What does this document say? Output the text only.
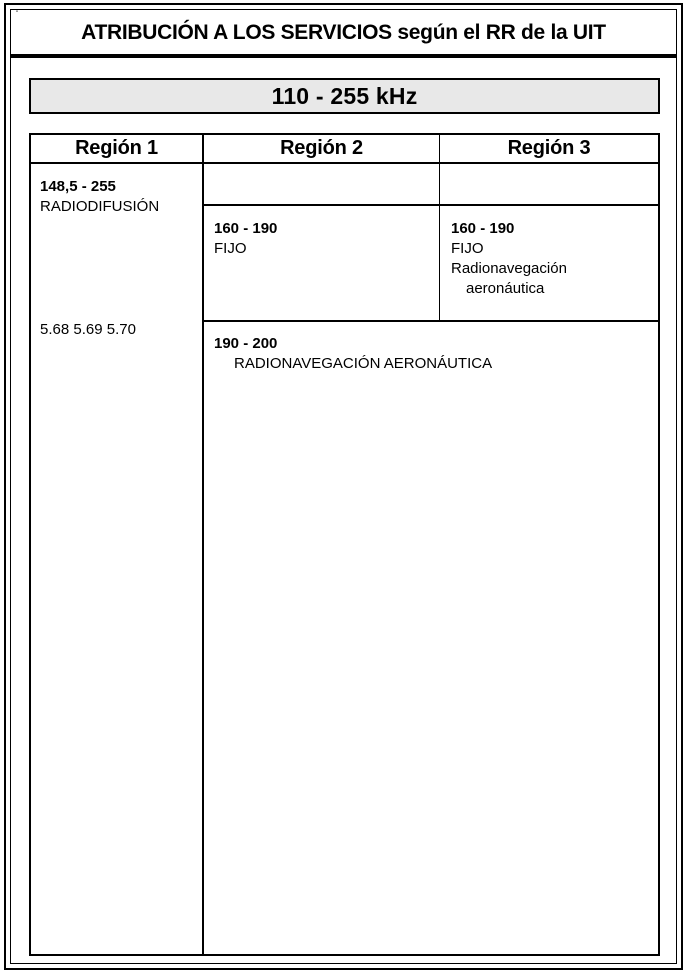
"
ATRIBUCIÓN A LOS SERVICIOS según el RR de la UIT
110 - 255 kHz
Región 1	Región 2	Región 3
148,5 - 255
RADIODIFUSIÓN
5.68 5.69 5.70
160 - 190
FIJO
160 - 190
FIJO
Radionavegación
aeronáutica
190 - 200
RADIONAVEGACIÓN AERONÁUTICA
